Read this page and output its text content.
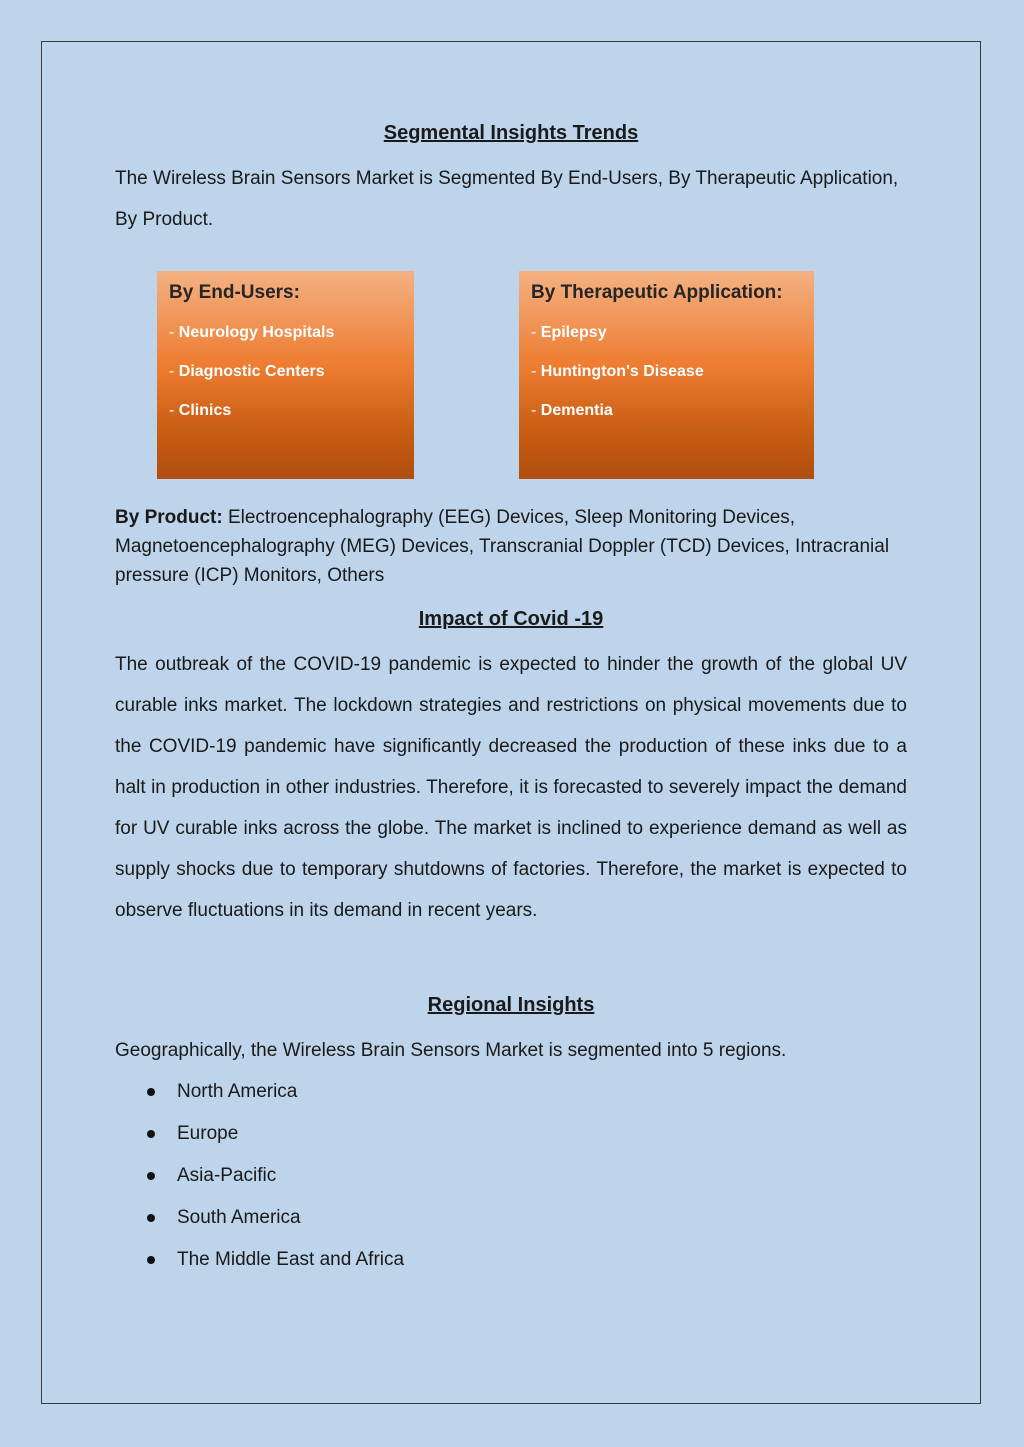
Segmental Insights Trends

The Wireless Brain Sensors Market is Segmented By End-Users, By Therapeutic Application, By Product.

By End-Users:
- Neurology Hospitals
- Diagnostic Centers
- Clinics
By Therapeutic Application:
- Epilepsy
- Huntington's Disease
- Dementia

By Product: Electroencephalography (EEG) Devices, Sleep Monitoring Devices, Magnetoencephalography (MEG) Devices, Transcranial Doppler (TCD) Devices, Intracranial pressure (ICP) Monitors, Others

Impact of Covid -19

The outbreak of the COVID-19 pandemic is expected to hinder the growth of the global UV curable inks market. The lockdown strategies and restrictions on physical movements due to the COVID-19 pandemic have significantly decreased the production of these inks due to a halt in production in other industries. Therefore, it is forecasted to severely impact the demand for UV curable inks across the globe. The market is inclined to experience demand as well as supply shocks due to temporary shutdowns of factories. Therefore, the market is expected to observe fluctuations in its demand in recent years.

Regional Insights

Geographically, the Wireless Brain Sensors Market is segmented into 5 regions.

North America
Europe
Asia-Pacific
South America
The Middle East and Africa
